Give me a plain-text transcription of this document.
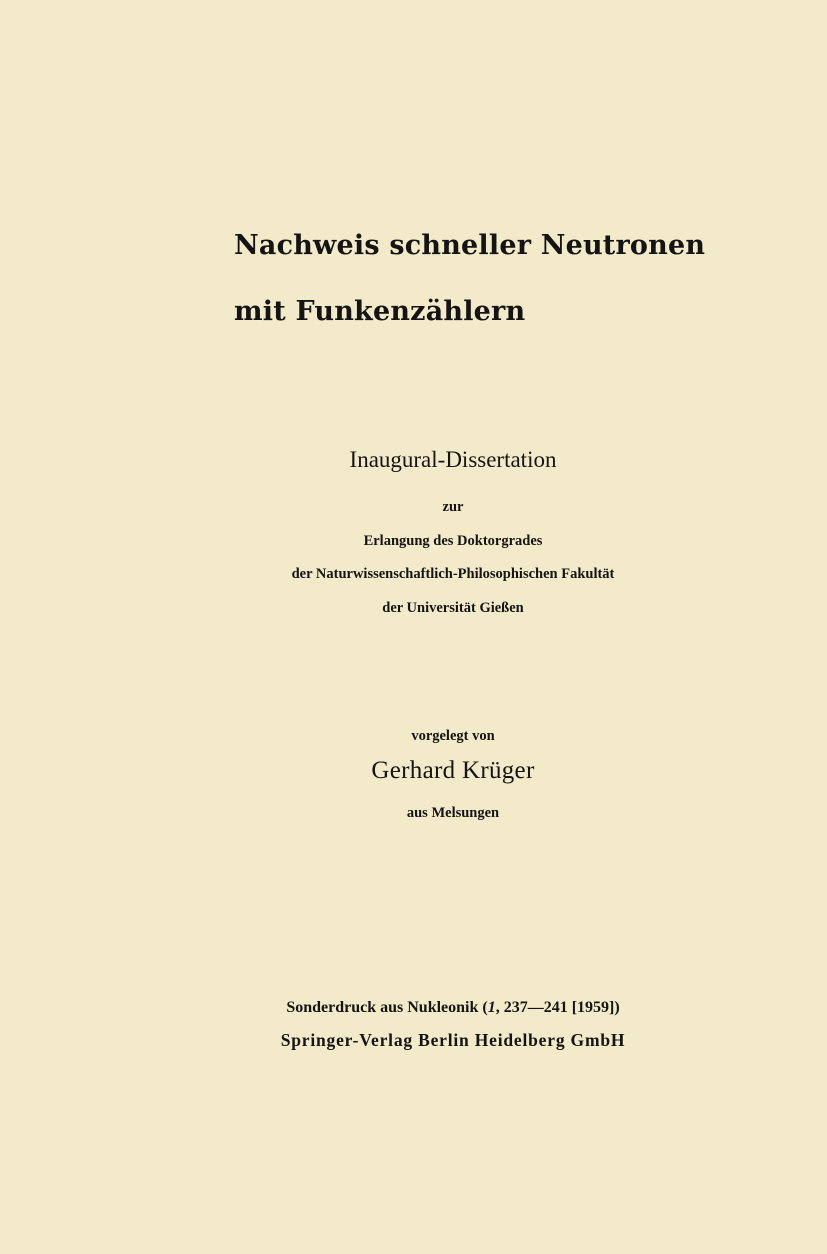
Nachweis schneller Neutronen
mit Funkenzählern
Inaugural-Dissertation
zur
Erlangung des Doktorgrades
der Naturwissenschaftlich-Philosophischen Fakultät
der Universität Gießen
vorgelegt von
Gerhard Krüger
aus Melsungen
Sonderdruck aus Nukleonik (1, 237—241 [1959])
Springer-Verlag Berlin Heidelberg GmbH
